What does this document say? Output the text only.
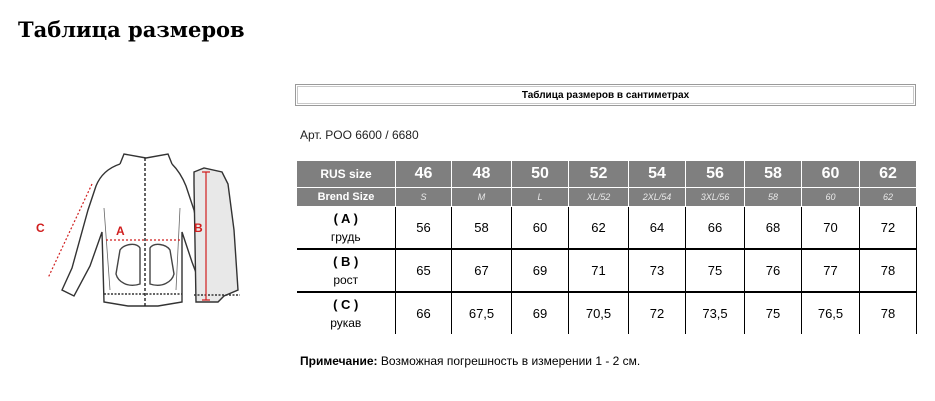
Таблица размеров
C	A	B
Таблица размеров в сантиметрах
Арт. POO 6600 / 6680
RUS size	46	48	50	52	54	56	58	60	62
Brend Size	S	M	L	XL/52	2XL/54	3XL/56	58	60	62

( A )
грудь	56	58	60	62	64	66	68	70	72

( B )
рост	65	67	69	71	73	75	76	77	78

( C )
рукав	66	67,5	69	70,5	72	73,5	75	76,5	78
Примечание: Возможная погрешность в измерении 1 - 2 см.
